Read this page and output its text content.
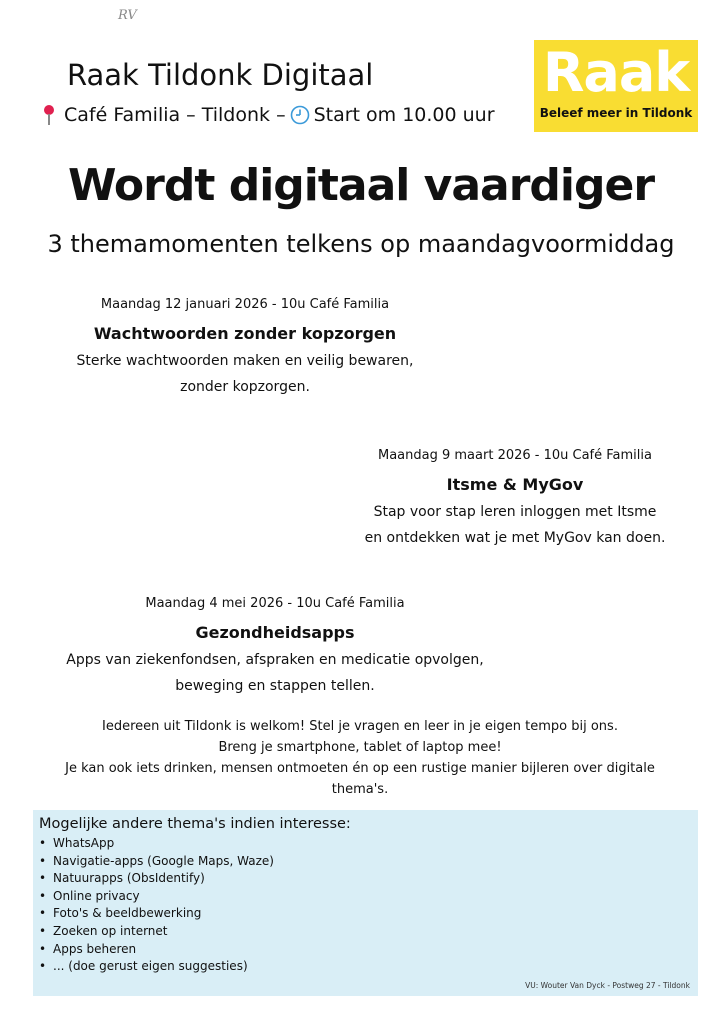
RV
Raak Tildonk Digitaal
Café Familia – Tildonk – Start om 10.00 uur
Raak
Beleef meer in Tildonk
Wordt digitaal vaardiger
3 themamomenten telkens op maandagvoormiddag
Maandag 12 januari 2026 - 10u Café Familia
Wachtwoorden zonder kopzorgen
Sterke wachtwoorden maken en veilig bewaren,
zonder kopzorgen.
Maandag 9 maart 2026 - 10u Café Familia
Itsme & MyGov
Stap voor stap leren inloggen met Itsme
en ontdekken wat je met MyGov kan doen.
Maandag 4 mei 2026 - 10u Café Familia
Gezondheidsapps
Apps van ziekenfondsen, afspraken en medicatie opvolgen,
beweging en stappen tellen.
Iedereen uit Tildonk is welkom! Stel je vragen en leer in je eigen tempo bij ons.
Breng je smartphone, tablet of laptop mee!
Je kan ook iets drinken, mensen ontmoeten én op een rustige manier bijleren over digitale
thema's.
Mogelijke andere thema's indien interesse:
• WhatsApp
• Navigatie-apps (Google Maps, Waze)
• Natuurapps (ObsIdentify)
• Online privacy
• Foto's & beeldbewerking
• Zoeken op internet
• Apps beheren
• ... (doe gerust eigen suggesties)
VU: Wouter Van Dyck - Postweg 27 - Tildonk
